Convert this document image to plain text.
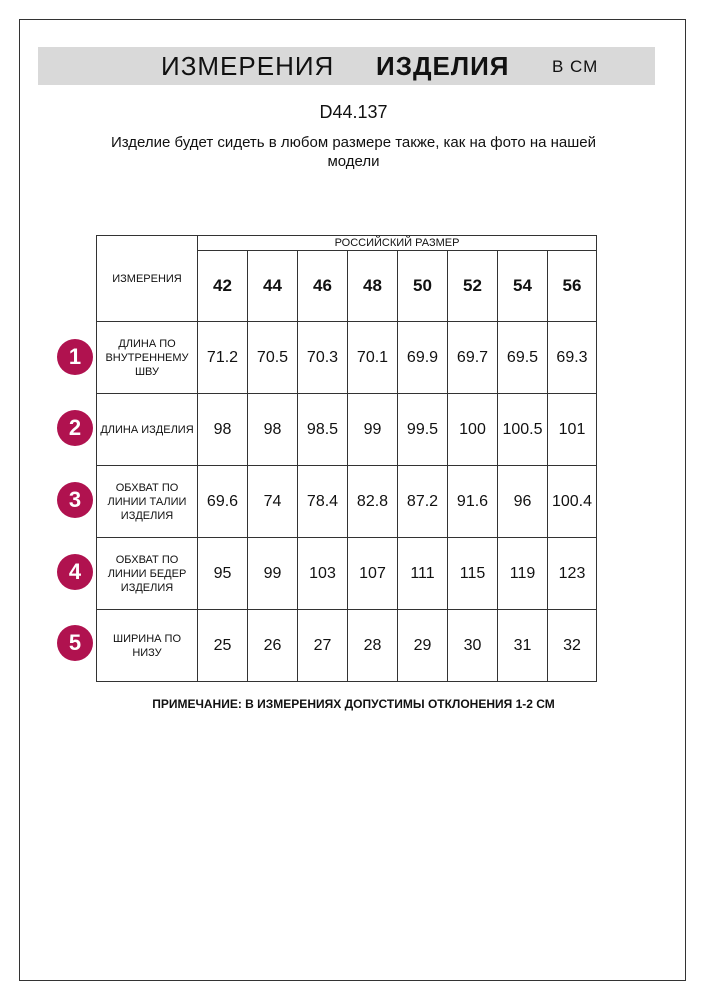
ИЗМЕРЕНИЯ ИЗДЕЛИЯ	В СМ
D44.137
Изделие будет сидеть в любом размере также, как на фото на нашей модели
ИЗМЕРЕНИЯ	РОССИЙСКИЙ РАЗМЕР							
	42	44	46	48	50	52	54	56
ДЛИНА ПО ВНУТРЕННЕМУ ШВУ	71.2	70.5	70.3	70.1	69.9	69.7	69.5	69.3
ДЛИНА ИЗДЕЛИЯ	98	98	98.5	99	99.5	100	100.5	101
ОБХВАТ ПО ЛИНИИ ТАЛИИ ИЗДЕЛИЯ	69.6	74	78.4	82.8	87.2	91.6	96	100.4
ОБХВАТ ПО ЛИНИИ БЕДЕР ИЗДЕЛИЯ	95	99	103	107	111	115	119	123
ШИРИНА ПО НИЗУ	25	26	27	28	29	30	31	32
1
2
3
4
5
ПРИМЕЧАНИЕ: В ИЗМЕРЕНИЯХ ДОПУСТИМЫ ОТКЛОНЕНИЯ 1-2 СМ
